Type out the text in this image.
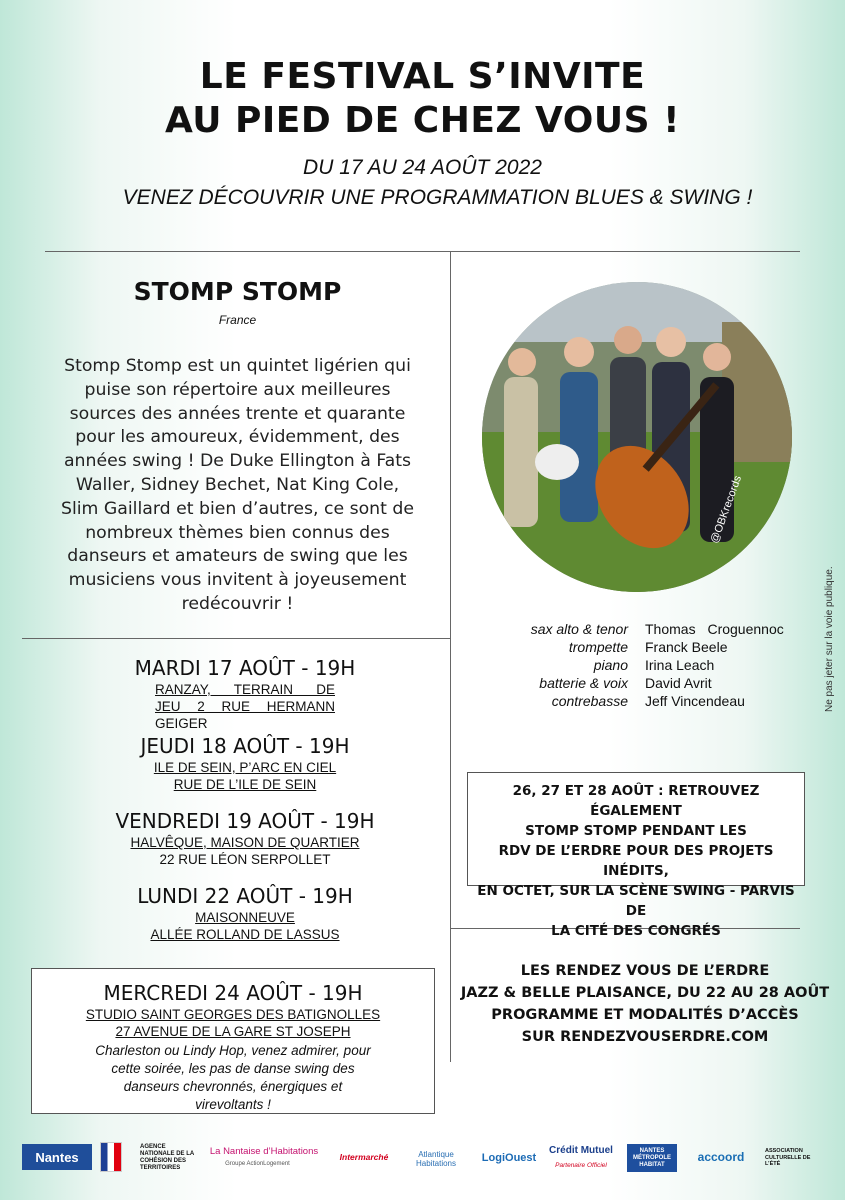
LE FESTIVAL S’INVITE
AU PIED DE CHEZ VOUS !
DU 17 AU 24 AOÛT 2022
VENEZ DÉCOUVRIR UNE PROGRAMMATION BLUES & SWING !
STOMP STOMP
France
Stomp Stomp est un quintet ligérien qui puise son répertoire aux meilleures sources des années trente et quarante pour les amoureux, évidemment, des années swing ! De Duke Ellington à Fats Waller, Sidney Bechet, Nat King Cole, Slim Gaillard et bien d’autres, ce sont de nombreux thèmes bien connus des danseurs et amateurs de swing que les musiciens vous invitent à joyeusement redécouvrir !
@OBKrecords
sax alto & tenor Thomas Croguennoc
trompette Franck Beele
piano Irina Leach
batterie & voix David Avrit
contrebasse Jeff Vincendeau
MARDI 17 AOÛT - 19H
RANZAY, TERRAIN DE
JEU 2 RUE HERMANN
GEIGER
JEUDI 18 AOÛT - 19H
ILE DE SEIN, P’ARC EN CIEL
RUE DE L’ILE DE SEIN
VENDREDI 19 AOÛT - 19H
HALVÊQUE, MAISON DE QUARTIER
22 RUE LÉON SERPOLLET
LUNDI 22 AOÛT - 19H
MAISONNEUVE
ALLÉE ROLLAND DE LASSUS
MERCREDI 24 AOÛT - 19H
STUDIO SAINT GEORGES DES BATIGNOLLES
27 AVENUE DE LA GARE ST JOSEPH
Charleston ou Lindy Hop, venez admirer, pour cette soirée, les pas de danse swing des danseurs chevronnés, énergiques et virevoltants !
26, 27 ET 28 AOÛT : RETROUVEZ ÉGALEMENT
STOMP STOMP PENDANT LES
RDV DE L’ERDRE POUR DES PROJETS INÉDITS,
EN OCTET, SUR LA SCÈNE SWING - PARVIS DE
LA CITÉ DES CONGRÉS
LES RENDEZ VOUS DE L’ERDRE
JAZZ & BELLE PLAISANCE, DU 22 AU 28 AOÛT
PROGRAMME ET MODALITÉS D’ACCÈS
SUR RENDEZVOUSERDRE.COM
Ne pas jeter sur la voie publique.
Nantes
AGENCE NATIONALE DE LA COHÉSION DES TERRITOIRES
La Nantaise d’Habitations
Groupe ActionLogement
Intermarché	Atlantique Habitations	LogiOuest
Crédit Mutuel
Partenaire Officiel
NANTES MÉTROPOLE HABITAT
accoord	ASSOCIATION CULTURELLE DE L’ÉTÉ
